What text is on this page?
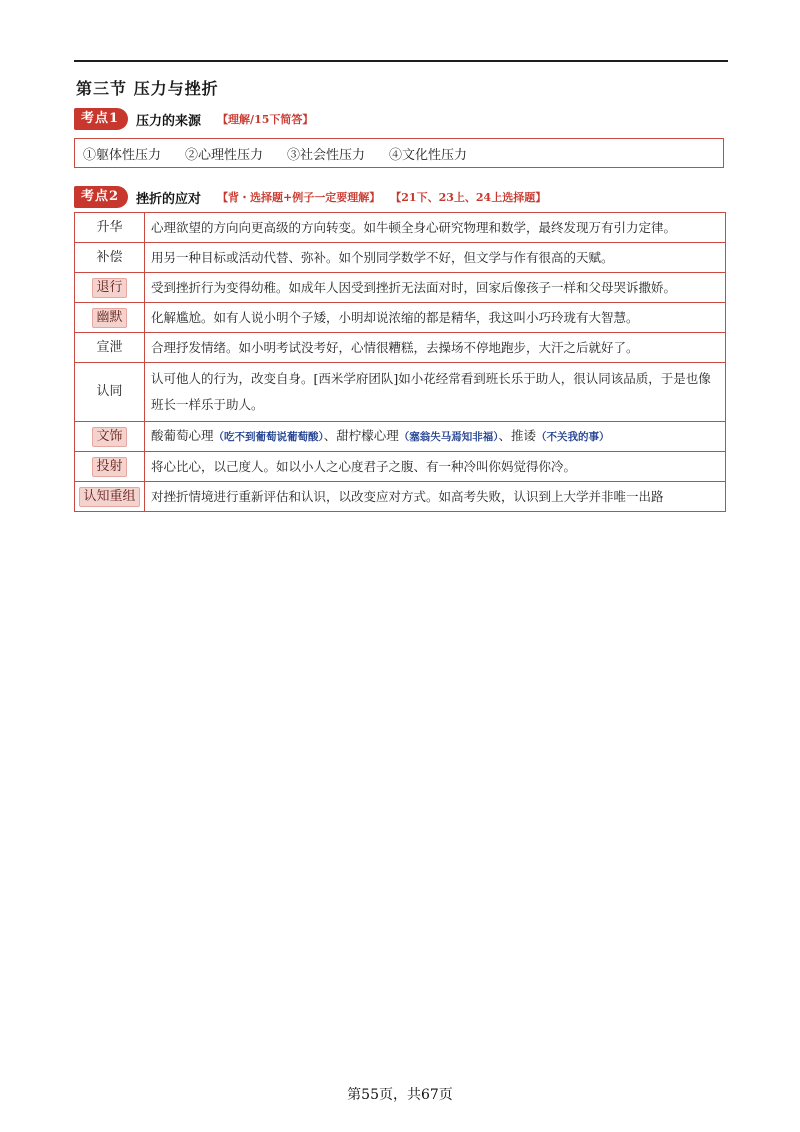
第三节 压力与挫折
考点1	压力的来源 【理解/15下简答】
①躯体性压力 ②心理性压力 ③社会性压力 ④文化性压力
考点2	挫折的应对 【背・选择题+例子一定要理解】 【21下、23上、24上选择题】
升华	心理欲望的方向向更高级的方向转变。如牛顿全身心研究物理和数学，最终发现万有引力定律。
补偿	用另一种目标或活动代替、弥补。如个别同学数学不好，但文学与作有很高的天赋。
退行	受到挫折行为变得幼稚。如成年人因受到挫折无法面对时，回家后像孩子一样和父母哭诉撒娇。
幽默	化解尴尬。如有人说小明个子矮，小明却说浓缩的都是精华，我这叫小巧玲珑有大智慧。
宣泄	合理抒发情绪。如小明考试没考好，心情很糟糕，去操场不停地跑步，大汗之后就好了。
认同	认可他人的行为，改变自身。[西米学府团队]如小花经常看到班长乐于助人，很认同该品质，于是也像班长一样乐于助人。
文饰	酸葡萄心理（吃不到葡萄说葡萄酸）、甜柠檬心理（塞翁失马焉知非福）、推诿（不关我的事）
投射	将心比心，以己度人。如以小人之心度君子之腹、有一种冷叫你妈觉得你冷。
认知重组	对挫折情境进行重新评估和认识，以改变应对方式。如高考失败，认识到上大学并非唯一出路
第55页，共67页
